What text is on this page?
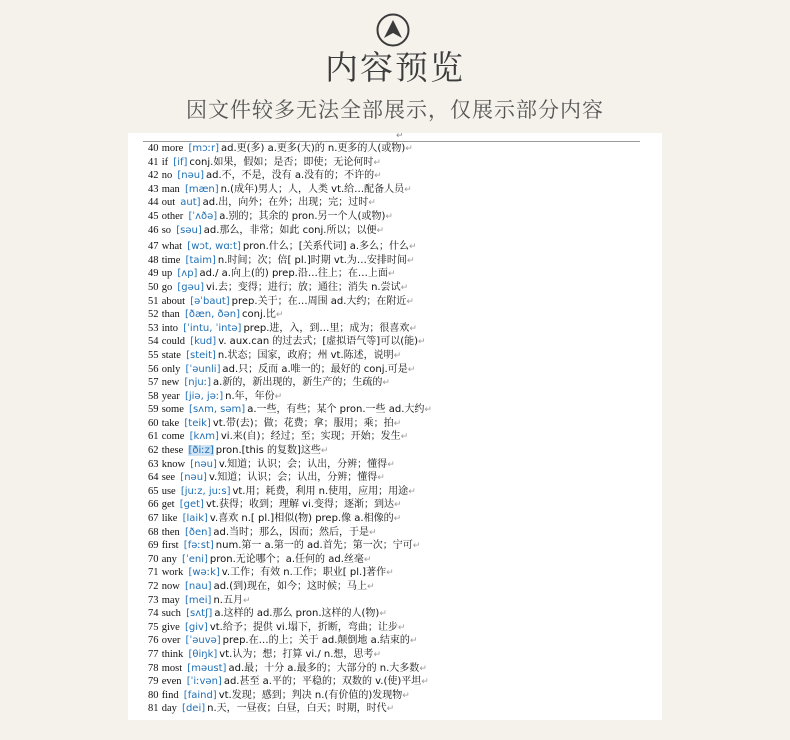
内容预览
因文件较多无法全部展示，仅展示部分内容
↵
40 more [mɔːr] ad.更(多) a.更多(大)的 n.更多的人(或物)↵
41 if [if] conj.如果，假如；是否；即使；无论何时↵
42 no [nəu] ad.不，不是，没有 a.没有的；不许的↵
43 man [mæn] n.(成年)男人；人，人类 vt.给…配备人员↵
44 out aut] ad.出，向外；在外；出现；完；过时↵
45 other [ˈʌðə] a.别的；其余的 pron.另一个人(或物)↵
46 so [səu] ad.那么，非常；如此 conj.所以；以便↵
47 what [wɔt, wɑːt] pron.什么；[关系代词] a.多么；什么↵
48 time [taim] n.时间；次；倍[ pl.]时期 vt.为…安排时间↵
49 up [ʌp] ad./ a.向上(的) prep.沿…往上；在…上面↵
50 go [gəu] vi.去；变得；进行；放；通往；消失 n.尝试↵
51 about [əˈbaut] prep.关于；在…周围 ad.大约；在附近↵
52 than [ðæn, ðən] conj.比↵
53 into [ˈintu, ˈintə] prep.进，入，到…里；成为；很喜欢↵
54 could [kud] v. aux.can 的过去式；[虚拟语气等]可以(能)↵
55 state [steit] n.状态；国家，政府；州 vt.陈述，说明↵
56 only [ˈəunli] ad.只；反而 a.唯一的；最好的 conj.可是↵
57 new [njuː] a.新的，新出现的，新生产的；生疏的↵
58 year [jiə, jəː] n.年，年份↵
59 some [sʌm, səm] a.一些，有些；某个 pron.一些 ad.大约↵
60 take [teik] vt.带(去)；做；花费；拿；服用；乘；拍↵
61 come [kʌm] vi.来(自)；经过；至；实现；开始；发生↵
62 these [ðiːz] pron.[this 的复数]这些↵
63 know [nəu] v.知道；认识；会；认出，分辨；懂得↵
64 see [nəu] v.知道；认识；会；认出，分辨；懂得↵
65 use [juːz, juːs] vt.用；耗费，利用 n.使用，应用；用途↵
66 get [get] vt.获得；收到；理解 vi.变得；逐渐；到达↵
67 like [laik] v.喜欢 n.[ pl.]相似(物) prep.像 a.相像的↵
68 then [ðen] ad.当时；那么，因而；然后，于是↵
69 first [fəːst] num.第一 a.第一的 ad.首先；第一次；宁可↵
70 any [ˈeni] pron.无论哪个；a.任何的 ad.丝毫↵
71 work [wəːk] v.工作；有效 n.工作；职业[ pl.]著作↵
72 now [nau] ad.(到)现在，如今；这时候；马上↵
73 may [mei] n.五月↵
74 such [sʌtʃ] a.这样的 ad.那么 pron.这样的人(物)↵
75 give [giv] vt.给予；提供 vi.塌下，折断，弯曲；让步↵
76 over [ˈəuvə] prep.在…的上；关于 ad.颠倒地 a.结束的↵
77 think [θiŋk] vt.认为；想；打算 vi./ n.想，思考↵
78 most [məust] ad.最；十分 a.最多的；大部分的 n.大多数↵
79 even [ˈiːvən] ad.甚至 a.平的；平稳的；双数的 v.(使)平坦↵
80 find [faind] vt.发现；感到；判决 n.(有价值的)发现物↵
81 day [dei] n.天，一昼夜；白昼，白天；时期，时代↵
